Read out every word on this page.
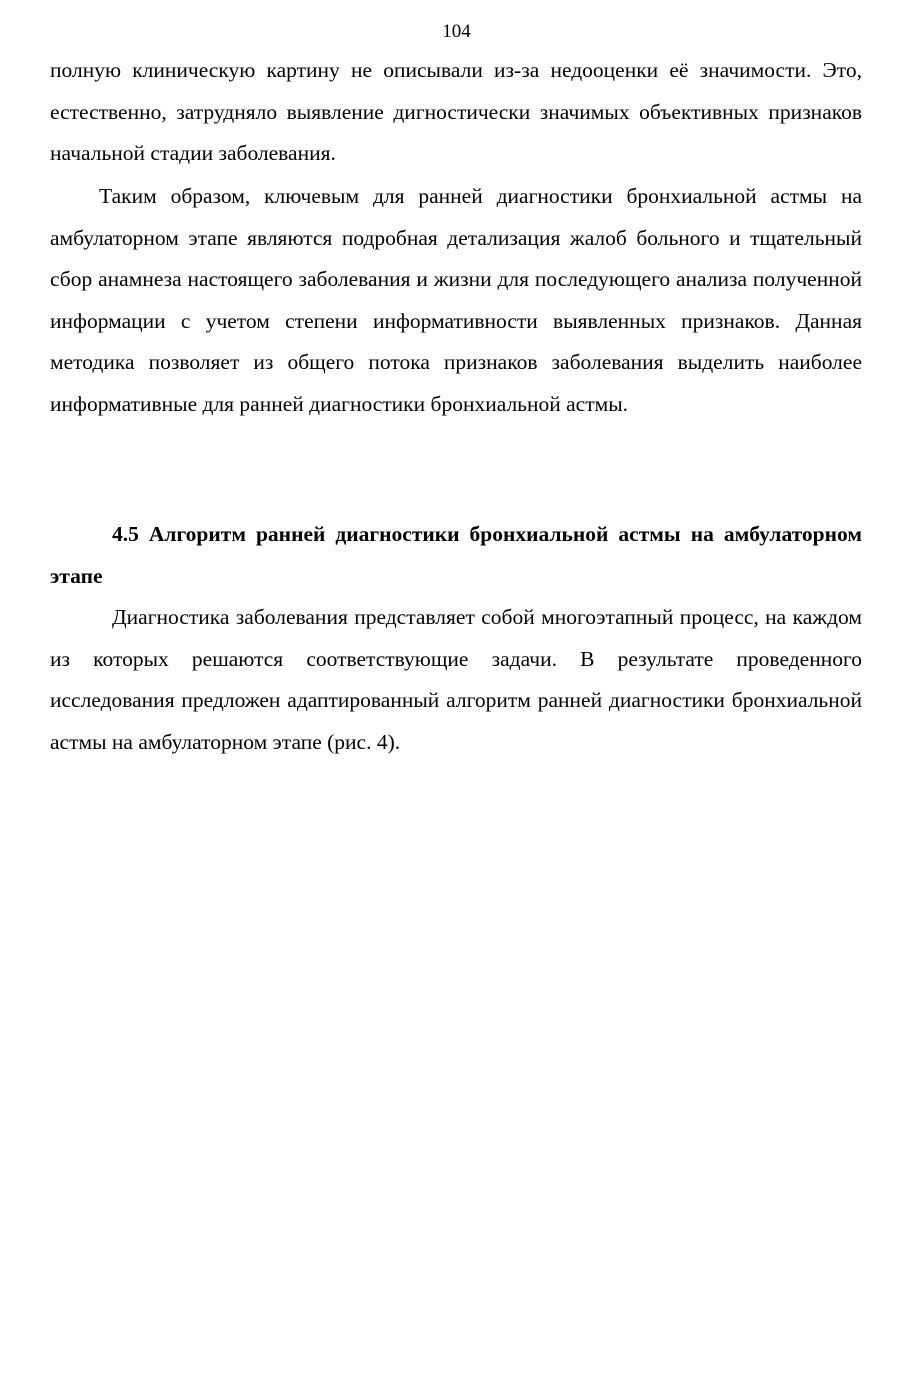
104

полную клиническую картину не описывали из-за недооценки её значимости. Это, естественно, затрудняло выявление дигностически значимых объективных признаков начальной стадии заболевания.

Таким образом, ключевым для ранней диагностики бронхиальной астмы на амбулаторном этапе являются подробная детализация жалоб больного и тщательный сбор анамнеза настоящего заболевания и жизни для последующего анализа полученной информации с учетом степени информативности выявленных признаков. Данная методика позволяет из общего потока признаков заболевания выделить наиболее информативные для ранней диагностики бронхиальной астмы.

4.5 Алгоритм ранней диагностики бронхиальной астмы на амбулаторном этапе

Диагностика заболевания представляет собой многоэтапный процесс, на каждом из которых решаются соответствующие задачи. В результате проведенного исследования предложен адаптированный алгоритм ранней диагностики бронхиальной астмы на амбулаторном этапе (рис. 4).
